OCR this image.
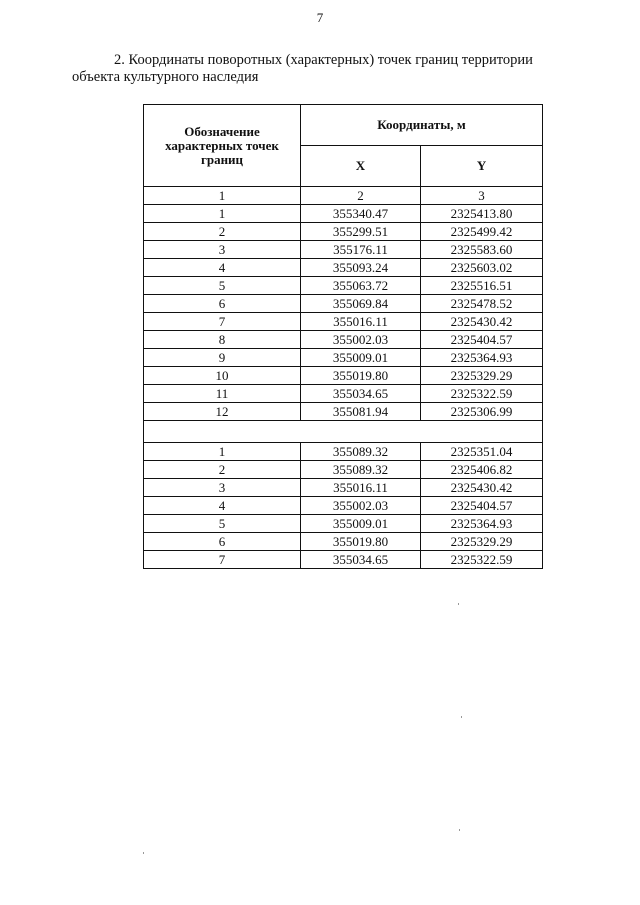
7
2. Координаты поворотных (характерных) точек границ территории
объекта культурного наследия
Обозначение характерных точек границ	Координаты, м	
	X	Y
1	2	3
1	355340.47	2325413.80
2	355299.51	2325499.42
3	355176.11	2325583.60
4	355093.24	2325603.02
5	355063.72	2325516.51
6	355069.84	2325478.52
7	355016.11	2325430.42
8	355002.03	2325404.57
9	355009.01	2325364.93
10	355019.80	2325329.29
11	355034.65	2325322.59
12	355081.94	2325306.99

1	355089.32	2325351.04
2	355089.32	2325406.82
3	355016.11	2325430.42
4	355002.03	2325404.57
5	355009.01	2325364.93
6	355019.80	2325329.29
7	355034.65	2325322.59
